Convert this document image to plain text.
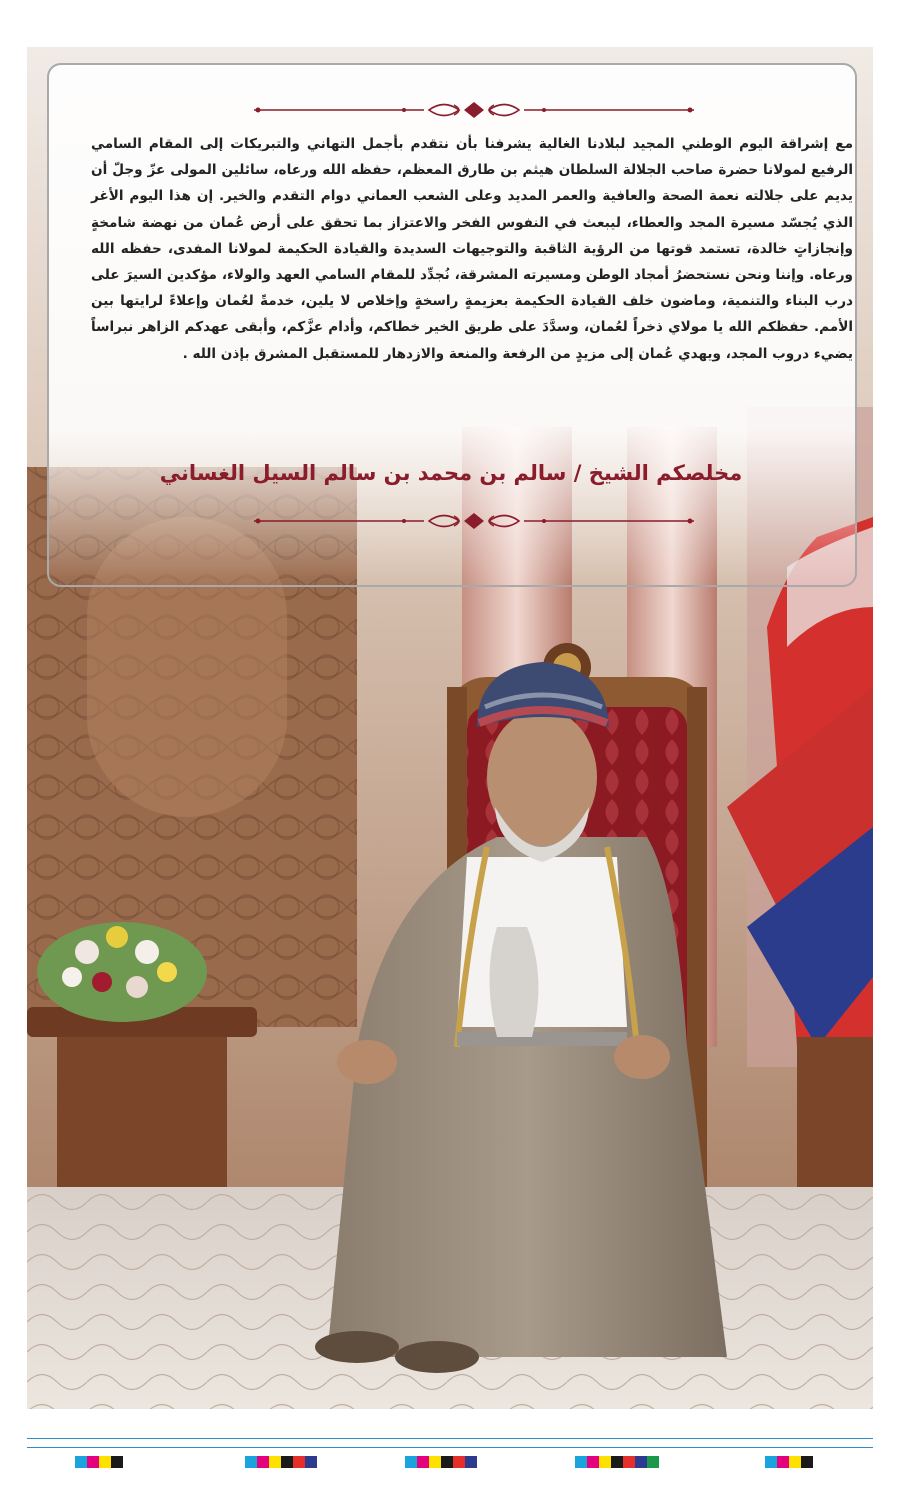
مع إشراقة اليوم الوطني المجيد لبلادنا الغالية يشرفنا بأن نتقدم بأجمل التهاني والتبريكات إلى المقام السامي الرفيع لمولانا حضرة صاحب الجلالة السلطان هيثم بن طارق المعظم، حفظه الله ورعاه، سائلين المولى عزّ وجلّ أن يديم على جلالته نعمة الصحة والعافية والعمر المديد وعلى الشعب العماني دوام التقدم والخير. إن هذا اليوم الأغر الذي يُجسّد مسيرة المجد والعطاء، ليبعث في النفوس الفخر والاعتزاز بما تحقق على أرض عُمان من نهضة شامخةٍ وإنجازاتٍ خالدة، تستمد قوتها من الرؤية الثاقبة والتوجيهات السديدة والقيادة الحكيمة لمولانا المفدى، حفظه الله ورعاه. وإننا ونحن نستحضرُ أمجاد الوطن ومسيرته المشرقة، نُجدِّد للمقام السامي العهد والولاء، مؤكدين السيرَ على درب البناء والتنمية، وماضون خلف القيادة الحكيمة بعزيمةٍ راسخةٍ وإخلاص لا يلين، خدمةً لعُمان وإعلاءً لرايتها بين الأمم. حفظكم الله يا مولاي ذخراً لعُمان، وسدَّدَ على طريق الخير خطاكم، وأدام عزَّكم، وأبقى عهدكم الزاهر نبراساً يضيء دروب المجد، ويهدي عُمان إلى مزيدٍ من الرفعة والمنعة والازدهار للمستقبل المشرق بإذن الله .
مخلصكم الشيخ / سالم بن محمد بن سالم السيل الغساني
